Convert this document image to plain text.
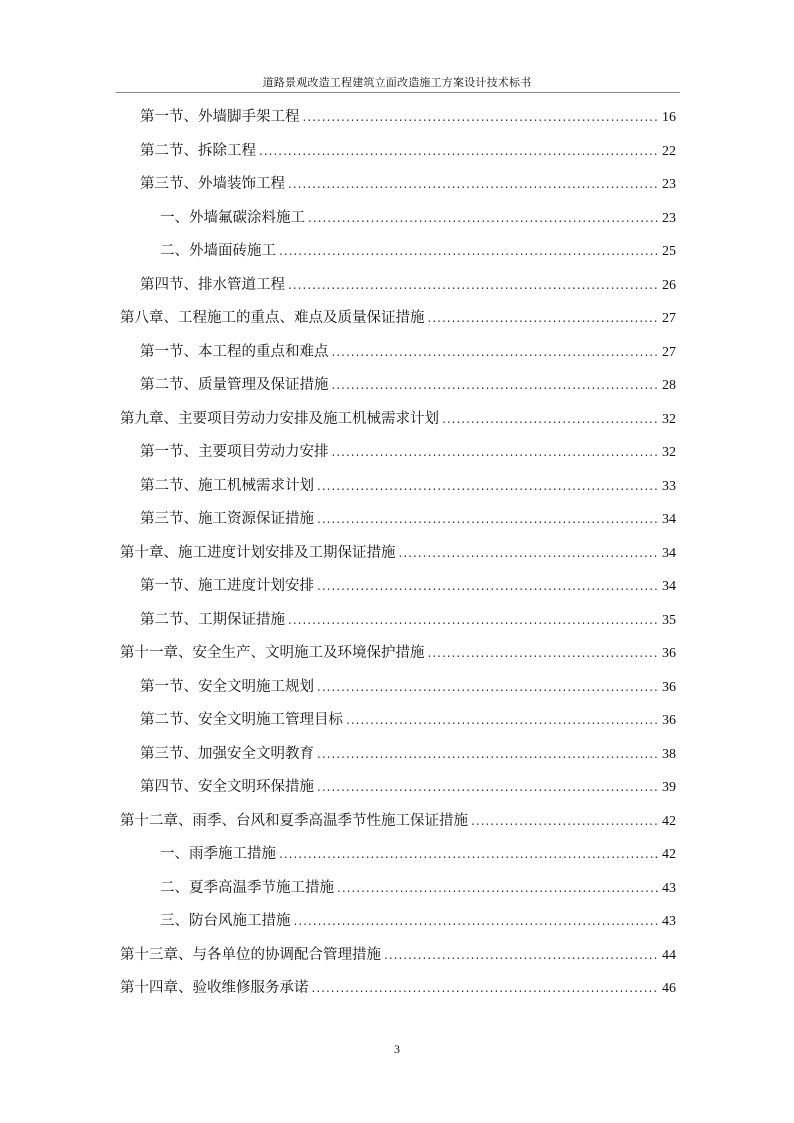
道路景观改造工程建筑立面改造施工方案设计技术标书
第一节、外墙脚手架工程 .....	16
第二节、拆除工程 .....	22
第三节、外墙装饰工程 .....	23
一、外墙氟碳涂料施工 .....	23
二、外墙面砖施工 .....	25
第四节、排水管道工程 .....	26
第八章、工程施工的重点、难点及质量保证措施 .....	27
第一节、本工程的重点和难点 .....	27
第二节、质量管理及保证措施 .....	28
第九章、主要项目劳动力安排及施工机械需求计划 .....	32
第一节、主要项目劳动力安排 .....	32
第二节、施工机械需求计划 .....	33
第三节、施工资源保证措施 .....	34
第十章、施工进度计划安排及工期保证措施 .....	34
第一节、施工进度计划安排 .....	34
第二节、工期保证措施 .....	35
第十一章、安全生产、文明施工及环境保护措施 .....	36
第一节、安全文明施工规划 .....	36
第二节、安全文明施工管理目标 .....	36
第三节、加强安全文明教育 .....	38
第四节、安全文明环保措施 .....	39
第十二章、雨季、台风和夏季高温季节性施工保证措施 .....	42
一、雨季施工措施 .....	42
二、夏季高温季节施工措施 .....	43
三、防台风施工措施 .....	43
第十三章、与各单位的协调配合管理措施 .....	44
第十四章、验收维修服务承诺 .....	46
3
